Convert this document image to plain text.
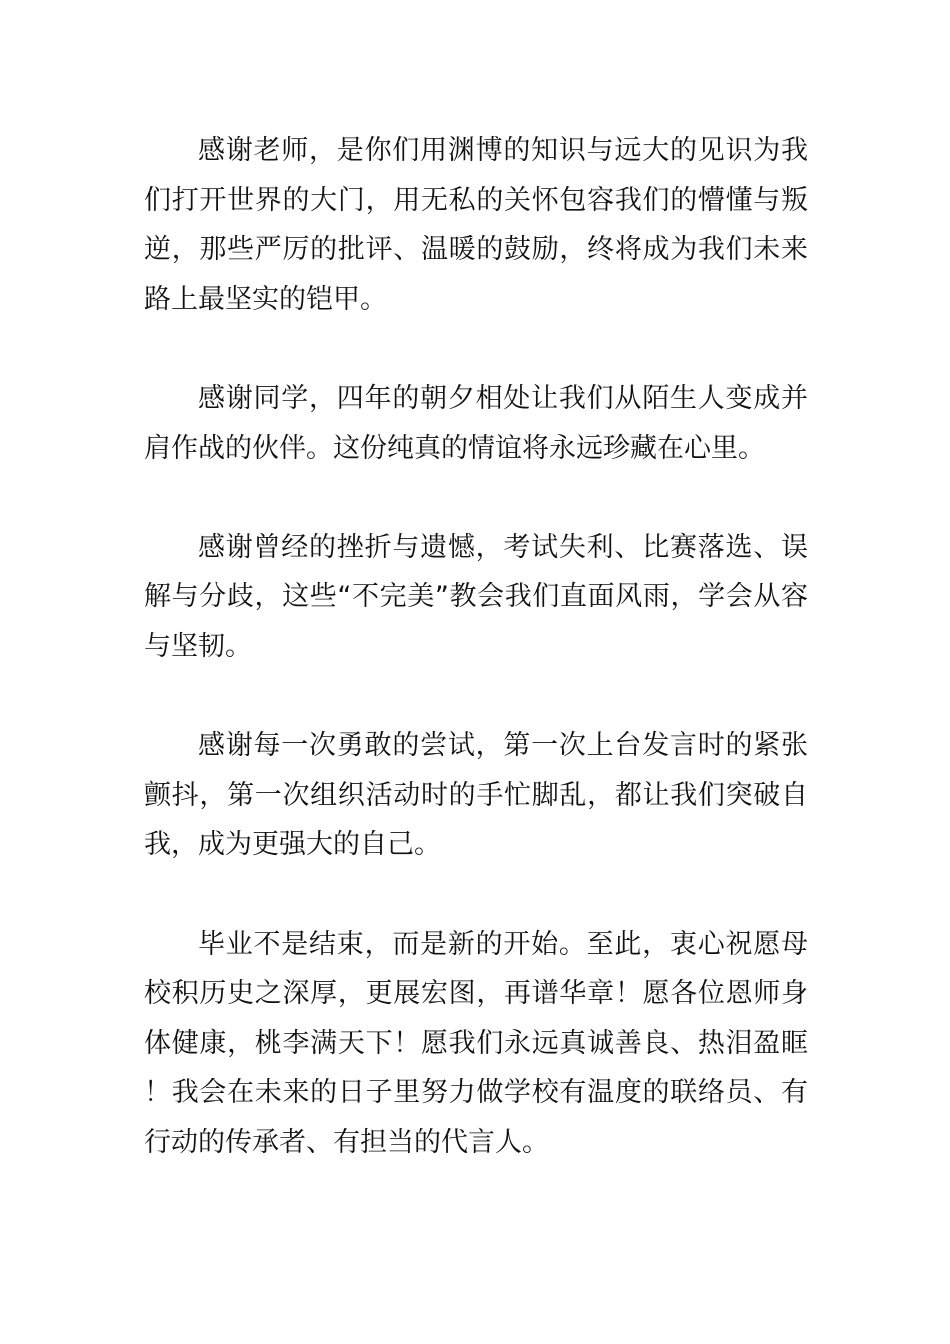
感谢老师，是你们用渊博的知识与远大的见识为我们打开世界的大门，用无私的关怀包容我们的懵懂与叛逆，那些严厉的批评、温暖的鼓励，终将成为我们未来路上最坚实的铠甲。

感谢同学，四年的朝夕相处让我们从陌生人变成并肩作战的伙伴。这份纯真的情谊将永远珍藏在心里。

感谢曾经的挫折与遗憾，考试失利、比赛落选、误解与分歧，这些“不完美”教会我们直面风雨，学会从容与坚韧。

感谢每一次勇敢的尝试，第一次上台发言时的紧张颤抖，第一次组织活动时的手忙脚乱，都让我们突破自我，成为更强大的自己。

毕业不是结束，而是新的开始。至此，衷心祝愿母校积历史之深厚，更展宏图，再谱华章！愿各位恩师身体健康，桃李满天下！愿我们永远真诚善良、热泪盈眶！我会在未来的日子里努力做学校有温度的联络员、有行动的传承者、有担当的代言人。
